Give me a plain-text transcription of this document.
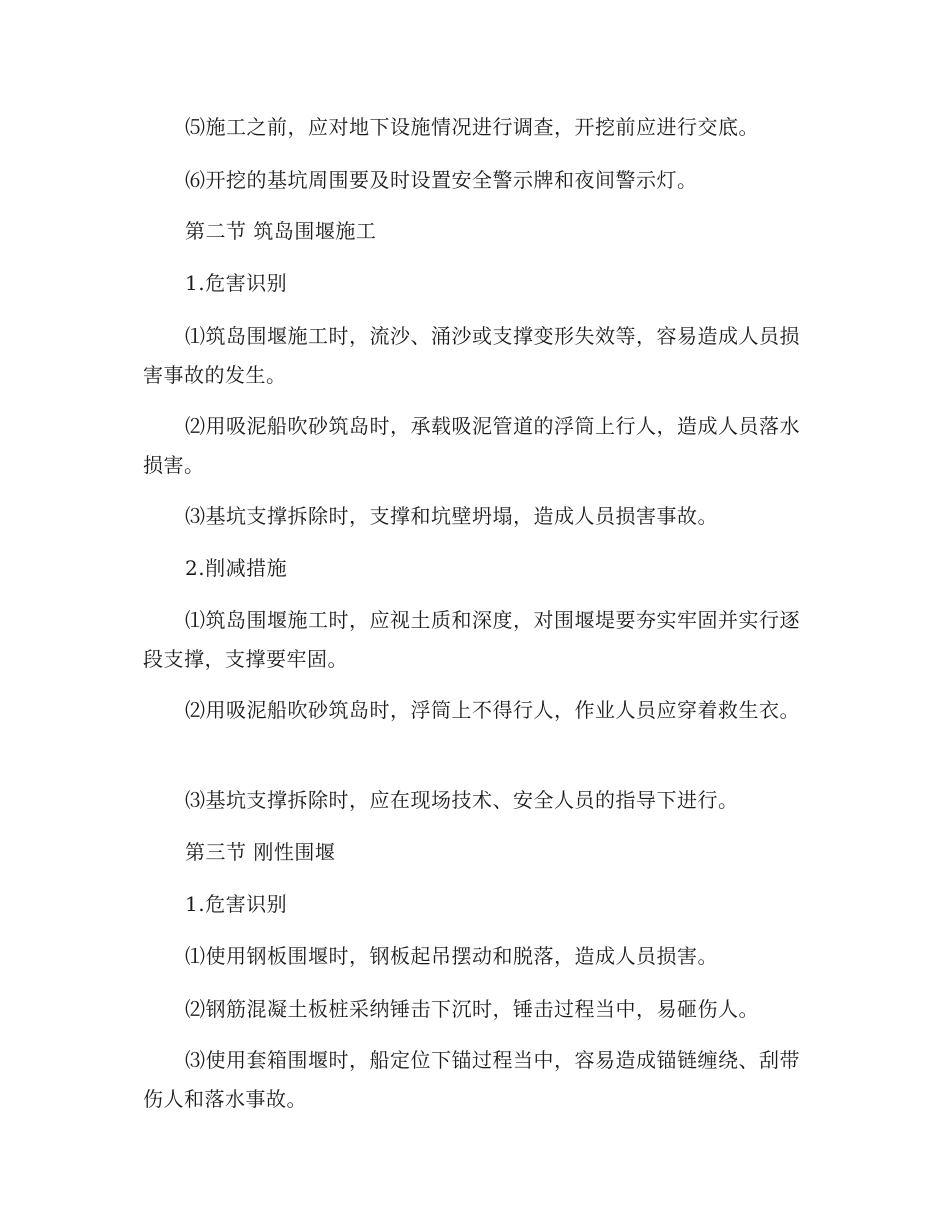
⑸施工之前，应对地下设施情况进行调查，开挖前应进行交底。

⑹开挖的基坑周围要及时设置安全警示牌和夜间警示灯。

第二节 筑岛围堰施工

1.危害识别

⑴筑岛围堰施工时，流沙、涌沙或支撑变形失效等，容易造成人员损害事故的发生。

⑵用吸泥船吹砂筑岛时，承载吸泥管道的浮筒上行人，造成人员落水损害。

⑶基坑支撑拆除时，支撑和坑壁坍塌，造成人员损害事故。

2.削减措施

⑴筑岛围堰施工时，应视土质和深度，对围堰堤要夯实牢固并实行逐段支撑，支撑要牢固。

⑵用吸泥船吹砂筑岛时，浮筒上不得行人，作业人员应穿着救生衣。

⑶基坑支撑拆除时，应在现场技术、安全人员的指导下进行。

第三节 刚性围堰

1.危害识别

⑴使用钢板围堰时，钢板起吊摆动和脱落，造成人员损害。

⑵钢筋混凝土板桩采纳锤击下沉时，锤击过程当中，易砸伤人。

⑶使用套箱围堰时，船定位下锚过程当中，容易造成锚链缠绕、刮带伤人和落水事故。
